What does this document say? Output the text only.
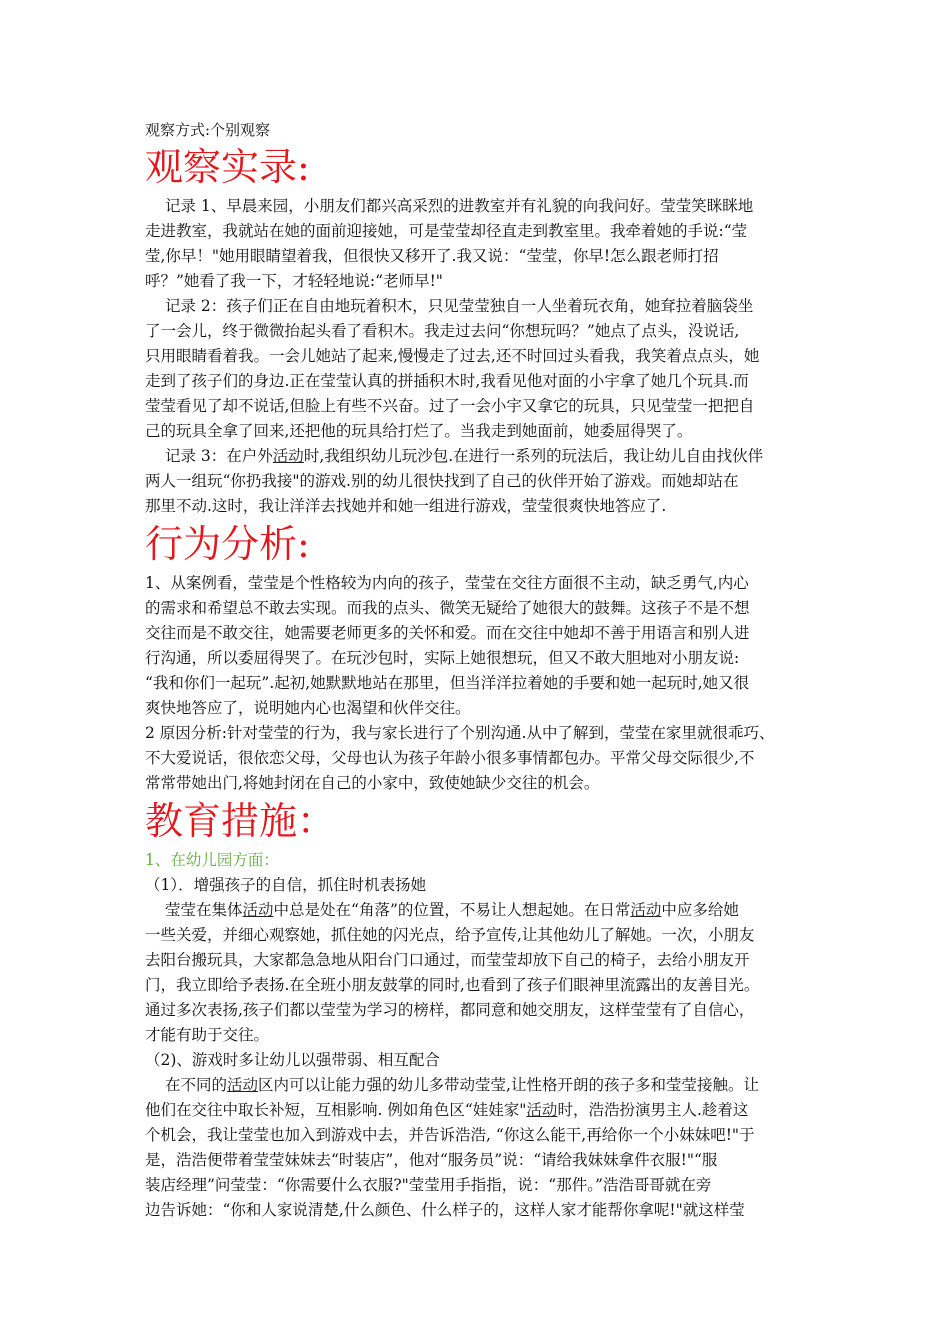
观察方式:个别观察
观察实录:
记录 1、早晨来园，小朋友们都兴高采烈的进教室并有礼貌的向我问好。莹莹笑眯眯地
走进教室，我就站在她的面前迎接她，可是莹莹却径直走到教室里。我牵着她的手说:“莹
莹,你早！"她用眼睛望着我，但很快又移开了.我又说：“莹莹，你早!怎么跟老师打招
呼？”她看了我一下，才轻轻地说:“老师早!"
记录 2：孩子们正在自由地玩着积木，只见莹莹独自一人坐着玩衣角，她耷拉着脑袋坐
了一会儿，终于微微抬起头看了看积木。我走过去问“你想玩吗？”她点了点头，没说话,
只用眼睛看着我。一会儿她站了起来,慢慢走了过去,还不时回过头看我，我笑着点点头，她
走到了孩子们的身边.正在莹莹认真的拼插积木时,我看见他对面的小宇拿了她几个玩具.而
莹莹看见了却不说话,但脸上有些不兴奋。过了一会小宇又拿它的玩具，只见莹莹一把把自
己的玩具全拿了回来,还把他的玩具给打烂了。当我走到她面前，她委屈得哭了。
记录 3：在户外活动时,我组织幼儿玩沙包.在进行一系列的玩法后，我让幼儿自由找伙伴
两人一组玩“你扔我接"的游戏.别的幼儿很快找到了自己的伙伴开始了游戏。而她却站在
那里不动.这时，我让洋洋去找她并和她一组进行游戏，莹莹很爽快地答应了.
行为分析:
1、从案例看，莹莹是个性格较为内向的孩子，莹莹在交往方面很不主动，缺乏勇气,内心
的需求和希望总不敢去实现。而我的点头、微笑无疑给了她很大的鼓舞。这孩子不是不想
交往而是不敢交往，她需要老师更多的关怀和爱。而在交往中她却不善于用语言和别人进
行沟通，所以委屈得哭了。在玩沙包时，实际上她很想玩，但又不敢大胆地对小朋友说:
“我和你们一起玩”.起初,她默默地站在那里，但当洋洋拉着她的手要和她一起玩时,她又很
爽快地答应了，说明她内心也渴望和伙伴交往。
2 原因分析:针对莹莹的行为，我与家长进行了个别沟通.从中了解到，莹莹在家里就很乖巧、
不大爱说话，很依恋父母，父母也认为孩子年龄小很多事情都包办。平常父母交际很少,不
常常带她出门,将她封闭在自己的小家中，致使她缺少交往的机会。
教育措施：
1、在幼儿园方面：
（1）．增强孩子的自信，抓住时机表扬她
莹莹在集体活动中总是处在“角落”的位置，不易让人想起她。在日常活动中应多给她
一些关爱，并细心观察她，抓住她的闪光点，给予宣传,让其他幼儿了解她。一次，小朋友
去阳台搬玩具，大家都急急地从阳台门口通过，而莹莹却放下自己的椅子，去给小朋友开
门，我立即给予表扬.在全班小朋友鼓掌的同时,也看到了孩子们眼神里流露出的友善目光。
通过多次表扬,孩子们都以莹莹为学习的榜样，都同意和她交朋友，这样莹莹有了自信心，
才能有助于交往。
（2)、游戏时多让幼儿以强带弱、相互配合
在不同的活动区内可以让能力强的幼儿多带动莹莹,让性格开朗的孩子多和莹莹接触。让
他们在交往中取长补短，互相影响. 例如角色区“娃娃家"活动时，浩浩扮演男主人.趁着这
个机会，我让莹莹也加入到游戏中去，并告诉浩浩, “你这么能干,再给你一个小妹妹吧!"于
是，浩浩便带着莹莹妹妹去“时装店”，他对“服务员”说：“请给我妹妹拿件衣服!"“服
装店经理”问莹莹：“你需要什么衣服?"莹莹用手指指，说：“那件。”浩浩哥哥就在旁
边告诉她：“你和人家说清楚,什么颜色、什么样子的，这样人家才能帮你拿呢!"就这样莹
